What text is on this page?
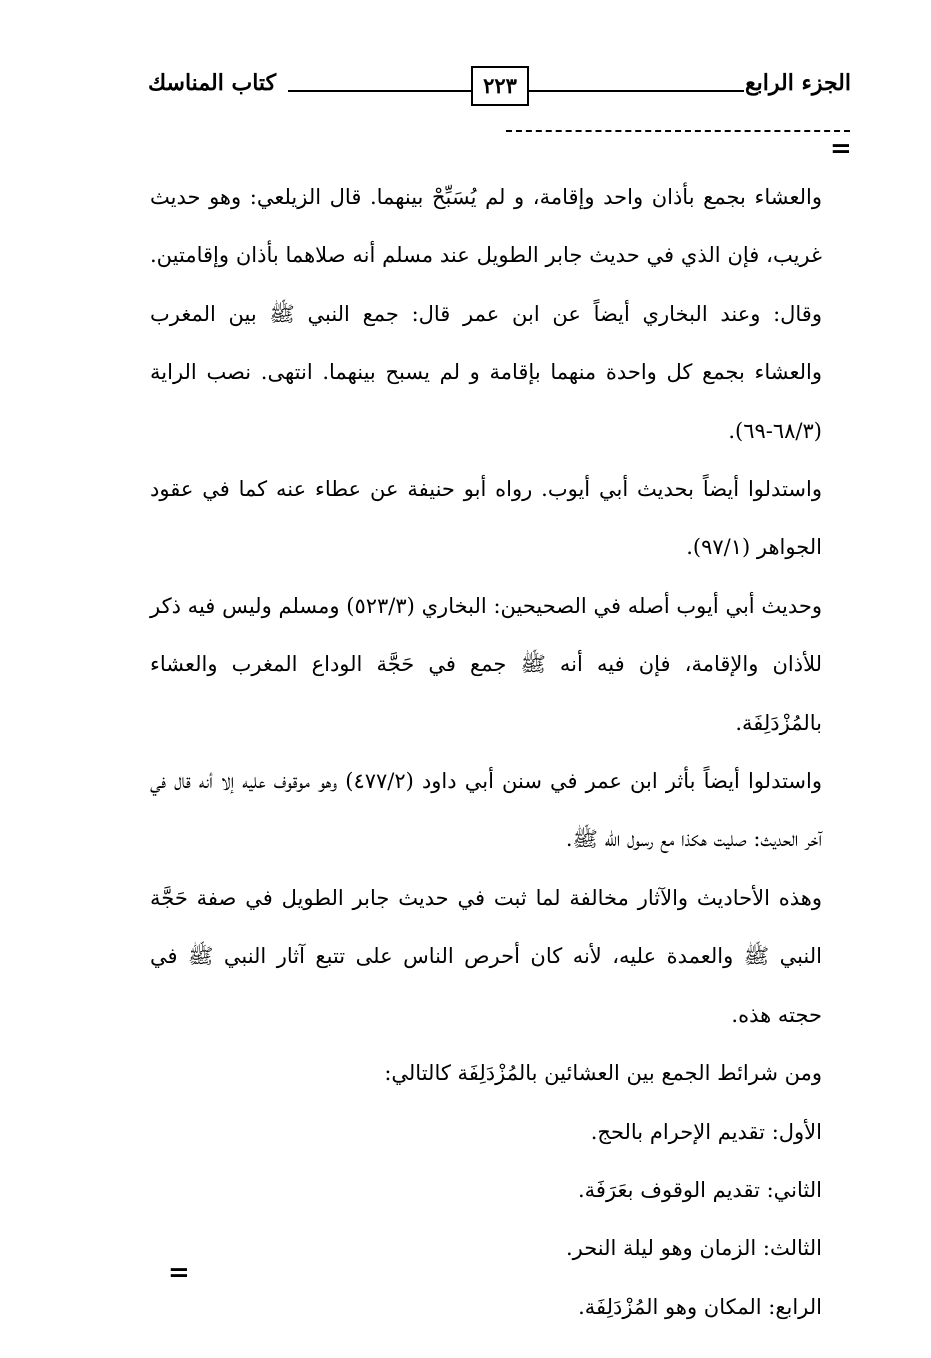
كتاب المناسك	٢٢٣	الجزء الرابع
=

والعشاء بجمع بأذان واحد وإقامة، و لم يُسَبِّحْ بينهما. قال الزيلعي: وهو حديث غريب، فإن الذي في حديث جابر الطويل عند مسلم أنه صلاهما بأذان وإقامتين. وقال: وعند البخاري أيضاً عن ابن عمر قال: جمع النبي ﷺ بين المغرب والعشاء بجمع كل واحدة منهما بإقامة و لم يسبح بينهما. انتهى. نصب الراية (٦٨/٣-٦٩).

واستدلوا أيضاً بحديث أبي أيوب. رواه أبو حنيفة عن عطاء عنه كما في عقود الجواهر (٩٧/١).

وحديث أبي أيوب أصله في الصحيحين: البخاري (٥٢٣/٣) ومسلم وليس فيه ذكر للأذان والإقامة، فإن فيه أنه ﷺ جمع في حَجَّة الوداع المغرب والعشاء بالمُزْدَلِفَة.

واستدلوا أيضاً بأثر ابن عمر في سنن أبي داود (٤٧٧/٢) وهو موقوف عليه إلا أنه قال في آخر الحديث: صليت هكذا مع رسول الله ﷺ.

وهذه الأحاديث والآثار مخالفة لما ثبت في حديث جابر الطويل في صفة حَجَّة النبي ﷺ والعمدة عليه، لأنه كان أحرص الناس على تتبع آثار النبي ﷺ في حجته هذه.

ومن شرائط الجمع بين العشائين بالمُزْدَلِفَة كالتالي:

الأول: تقديم الإحرام بالحج.

الثاني: تقديم الوقوف بعَرَفَة.

الثالث: الزمان وهو ليلة النحر.

الرابع: المكان وهو المُزْدَلِفَة.

=
